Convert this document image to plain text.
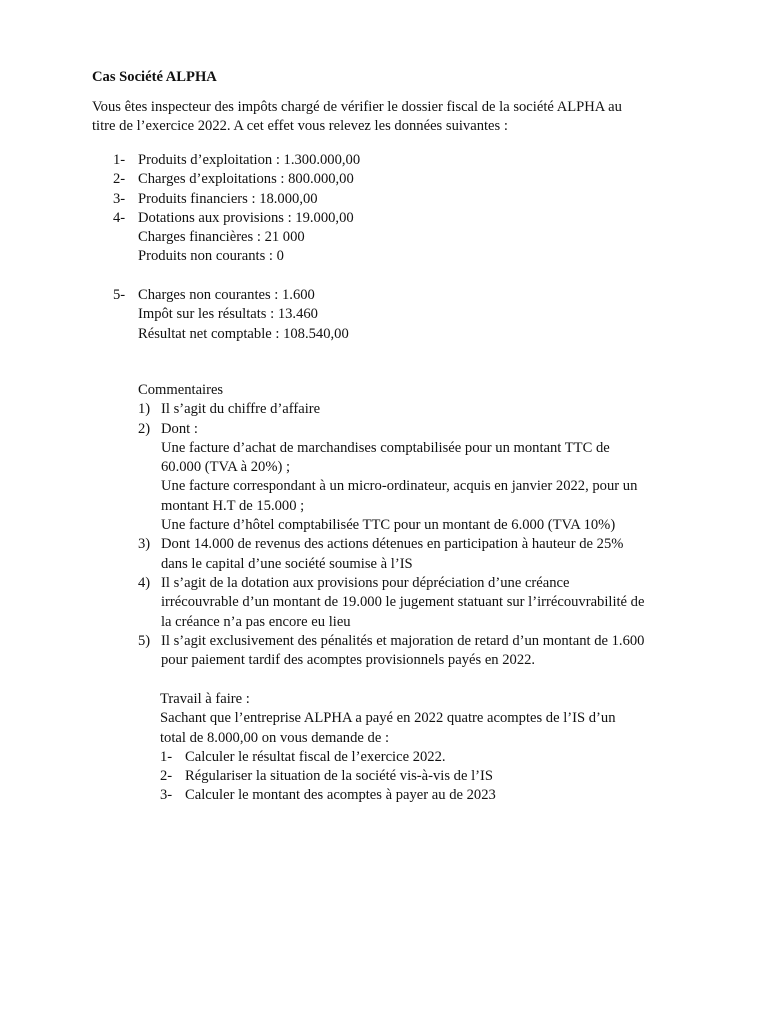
Cas Société ALPHA
Vous êtes inspecteur des impôts chargé de vérifier le dossier fiscal de la société ALPHA au
titre de l’exercice 2022. A cet effet vous relevez les données suivantes :
1- Produits d’exploitation : 1.300.000,00
2- Charges d’exploitations : 800.000,00
3- Produits financiers : 18.000,00
4- Dotations aux provisions : 19.000,00
Charges financières : 21 000
Produits non courants : 0
5- Charges non courantes : 1.600
Impôt sur les résultats : 13.460
Résultat net comptable : 108.540,00
Commentaires
1) Il s’agit du chiffre d’affaire
2) Dont :
Une facture d’achat de marchandises comptabilisée pour un montant TTC de
60.000 (TVA à 20%) ;
Une facture correspondant à un micro-ordinateur, acquis en janvier 2022, pour un
montant H.T de 15.000 ;
Une facture d’hôtel comptabilisée TTC pour un montant de 6.000 (TVA 10%)
3) Dont 14.000 de revenus des actions détenues en participation à hauteur de 25%
dans le capital d’une société soumise à l’IS
4) Il s’agit de la dotation aux provisions pour dépréciation d’une créance
irrécouvrable d’un montant de 19.000 le jugement statuant sur l’irrécouvrabilité de
la créance n’a pas encore eu lieu
5) Il s’agit exclusivement des pénalités et majoration de retard d’un montant de 1.600
pour paiement tardif des acomptes provisionnels payés en 2022.
Travail à faire :
Sachant que l’entreprise ALPHA a payé en 2022 quatre acomptes de l’IS d’un
total de 8.000,00 on vous demande de :
1- Calculer le résultat fiscal de l’exercice 2022.
2- Régulariser la situation de la société vis-à-vis de l’IS
3- Calculer le montant des acomptes à payer au de 2023
